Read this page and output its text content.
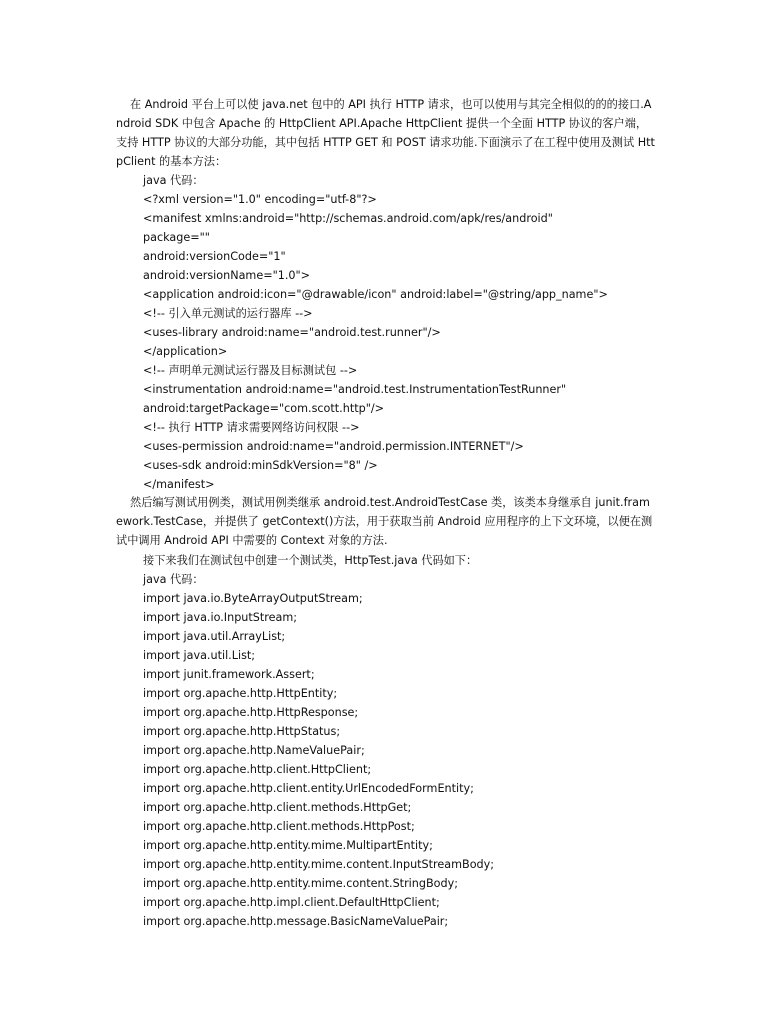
在 Android 平台上可以使 java.net 包中的 API 执行 HTTP 请求，也可以使用与其完全相似的的的接口.Android SDK 中包含 Apache 的 HttpClient API.Apache HttpClient 提供一个全面 HTTP 协议的客户端，支持 HTTP 协议的大部分功能，其中包括 HTTP GET 和 POST 请求功能.下面演示了在工程中使用及测试 HttpClient 的基本方法：

java 代码：
<?xml version="1.0" encoding="utf-8"?>
<manifest xmlns:android="http://schemas.android.com/apk/res/android"
package=""
android:versionCode="1"
android:versionName="1.0">
<application android:icon="@drawable/icon" android:label="@string/app_name">
<!-- 引入单元测试的运行器库 -->
<uses-library android:name="android.test.runner"/>
</application>
<!-- 声明单元测试运行器及目标测试包 -->
<instrumentation android:name="android.test.InstrumentationTestRunner"
android:targetPackage="com.scott.http"/>
<!-- 执行 HTTP 请求需要网络访问权限 -->
<uses-permission android:name="android.permission.INTERNET"/>
<uses-sdk android:minSdkVersion="8" />
</manifest>

然后编写测试用例类，测试用例类继承 android.test.AndroidTestCase 类，该类本身继承自 junit.framework.TestCase，并提供了 getContext()方法，用于获取当前 Android 应用程序的上下文环境，以便在测试中调用 Android API 中需要的 Context 对象的方法.

接下来我们在测试包中创建一个测试类，HttpTest.java 代码如下：
java 代码：
import java.io.ByteArrayOutputStream;
import java.io.InputStream;
import java.util.ArrayList;
import java.util.List;
import junit.framework.Assert;
import org.apache.http.HttpEntity;
import org.apache.http.HttpResponse;
import org.apache.http.HttpStatus;
import org.apache.http.NameValuePair;
import org.apache.http.client.HttpClient;
import org.apache.http.client.entity.UrlEncodedFormEntity;
import org.apache.http.client.methods.HttpGet;
import org.apache.http.client.methods.HttpPost;
import org.apache.http.entity.mime.MultipartEntity;
import org.apache.http.entity.mime.content.InputStreamBody;
import org.apache.http.entity.mime.content.StringBody;
import org.apache.http.impl.client.DefaultHttpClient;
import org.apache.http.message.BasicNameValuePair;
